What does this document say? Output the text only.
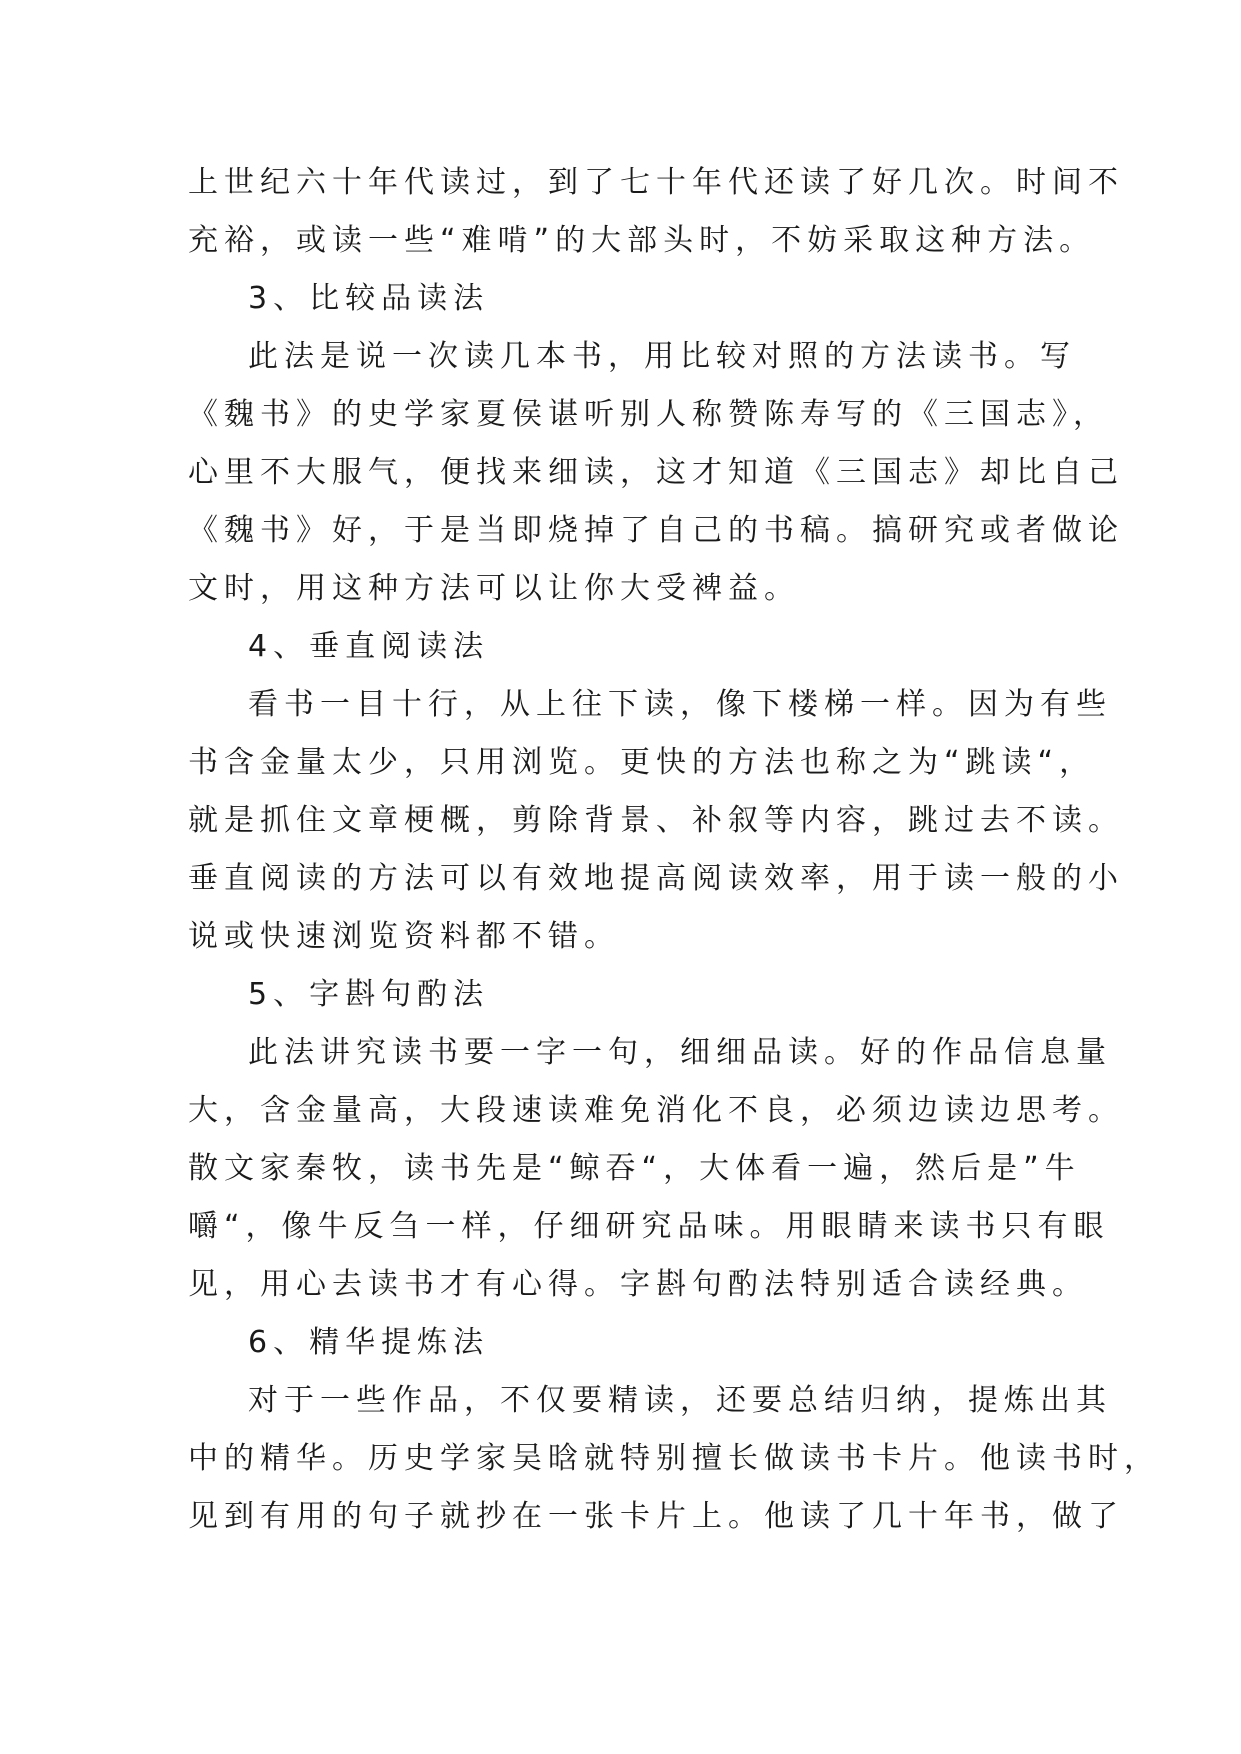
上世纪六十年代读过，到了七十年代还读了好几次。时间不
充裕，或读一些“难啃”的大部头时，不妨采取这种方法。
3、比较品读法
此法是说一次读几本书，用比较对照的方法读书。写
《魏书》的史学家夏侯谌听别人称赞陈寿写的《三国志》，
心里不大服气，便找来细读，这才知道《三国志》却比自己
《魏书》好，于是当即烧掉了自己的书稿。搞研究或者做论
文时，用这种方法可以让你大受裨益。
4、垂直阅读法
看书一目十行，从上往下读，像下楼梯一样。因为有些
书含金量太少，只用浏览。更快的方法也称之为“跳读“，
就是抓住文章梗概，剪除背景、补叙等内容，跳过去不读。
垂直阅读的方法可以有效地提高阅读效率，用于读一般的小
说或快速浏览资料都不错。
5、字斟句酌法
此法讲究读书要一字一句，细细品读。好的作品信息量
大，含金量高，大段速读难免消化不良，必须边读边思考。
散文家秦牧，读书先是“鲸吞“，大体看一遍，然后是”牛
嚼“，像牛反刍一样，仔细研究品味。用眼睛来读书只有眼
见，用心去读书才有心得。字斟句酌法特别适合读经典。
6、精华提炼法
对于一些作品，不仅要精读，还要总结归纳，提炼出其
中的精华。历史学家吴晗就特别擅长做读书卡片。他读书时，
见到有用的句子就抄在一张卡片上。他读了几十年书，做了
